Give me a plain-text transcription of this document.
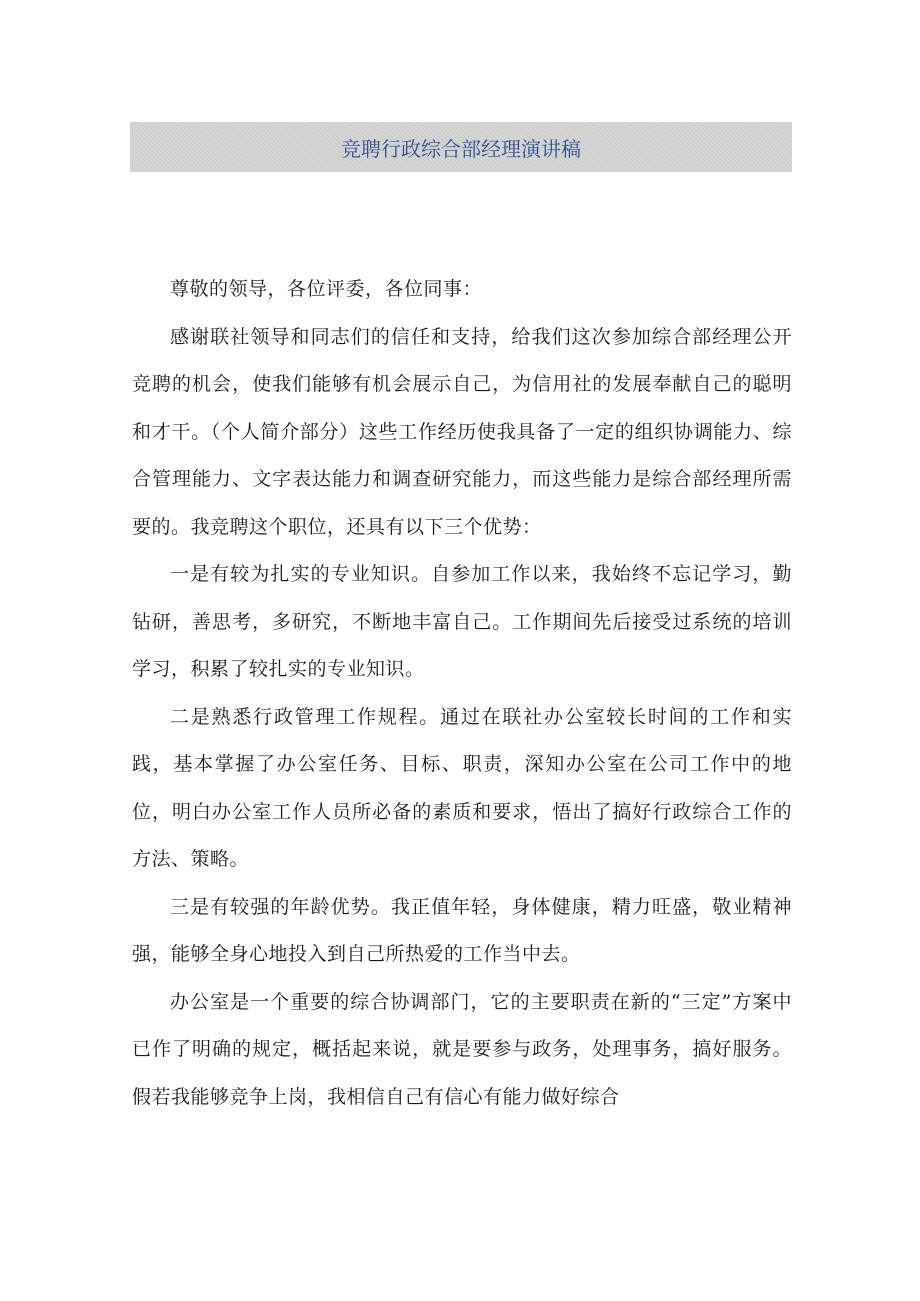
竞聘行政综合部经理演讲稿

尊敬的领导，各位评委，各位同事：

感谢联社领导和同志们的信任和支持，给我们这次参加综合部经理公开竞聘的机会，使我们能够有机会展示自己，为信用社的发展奉献自己的聪明和才干。（个人简介部分）这些工作经历使我具备了一定的组织协调能力、综合管理能力、文字表达能力和调查研究能力，而这些能力是综合部经理所需要的。我竞聘这个职位，还具有以下三个优势：

一是有较为扎实的专业知识。自参加工作以来，我始终不忘记学习，勤钻研，善思考，多研究，不断地丰富自己。工作期间先后接受过系统的培训学习，积累了较扎实的专业知识。

二是熟悉行政管理工作规程。通过在联社办公室较长时间的工作和实践，基本掌握了办公室任务、目标、职责，深知办公室在公司工作中的地位，明白办公室工作人员所必备的素质和要求，悟出了搞好行政综合工作的方法、策略。

三是有较强的年龄优势。我正值年轻，身体健康，精力旺盛，敬业精神强，能够全身心地投入到自己所热爱的工作当中去。

办公室是一个重要的综合协调部门，它的主要职责在新的“三定”方案中已作了明确的规定，概括起来说，就是要参与政务，处理事务，搞好服务。假若我能够竞争上岗，我相信自己有信心有能力做好综合
